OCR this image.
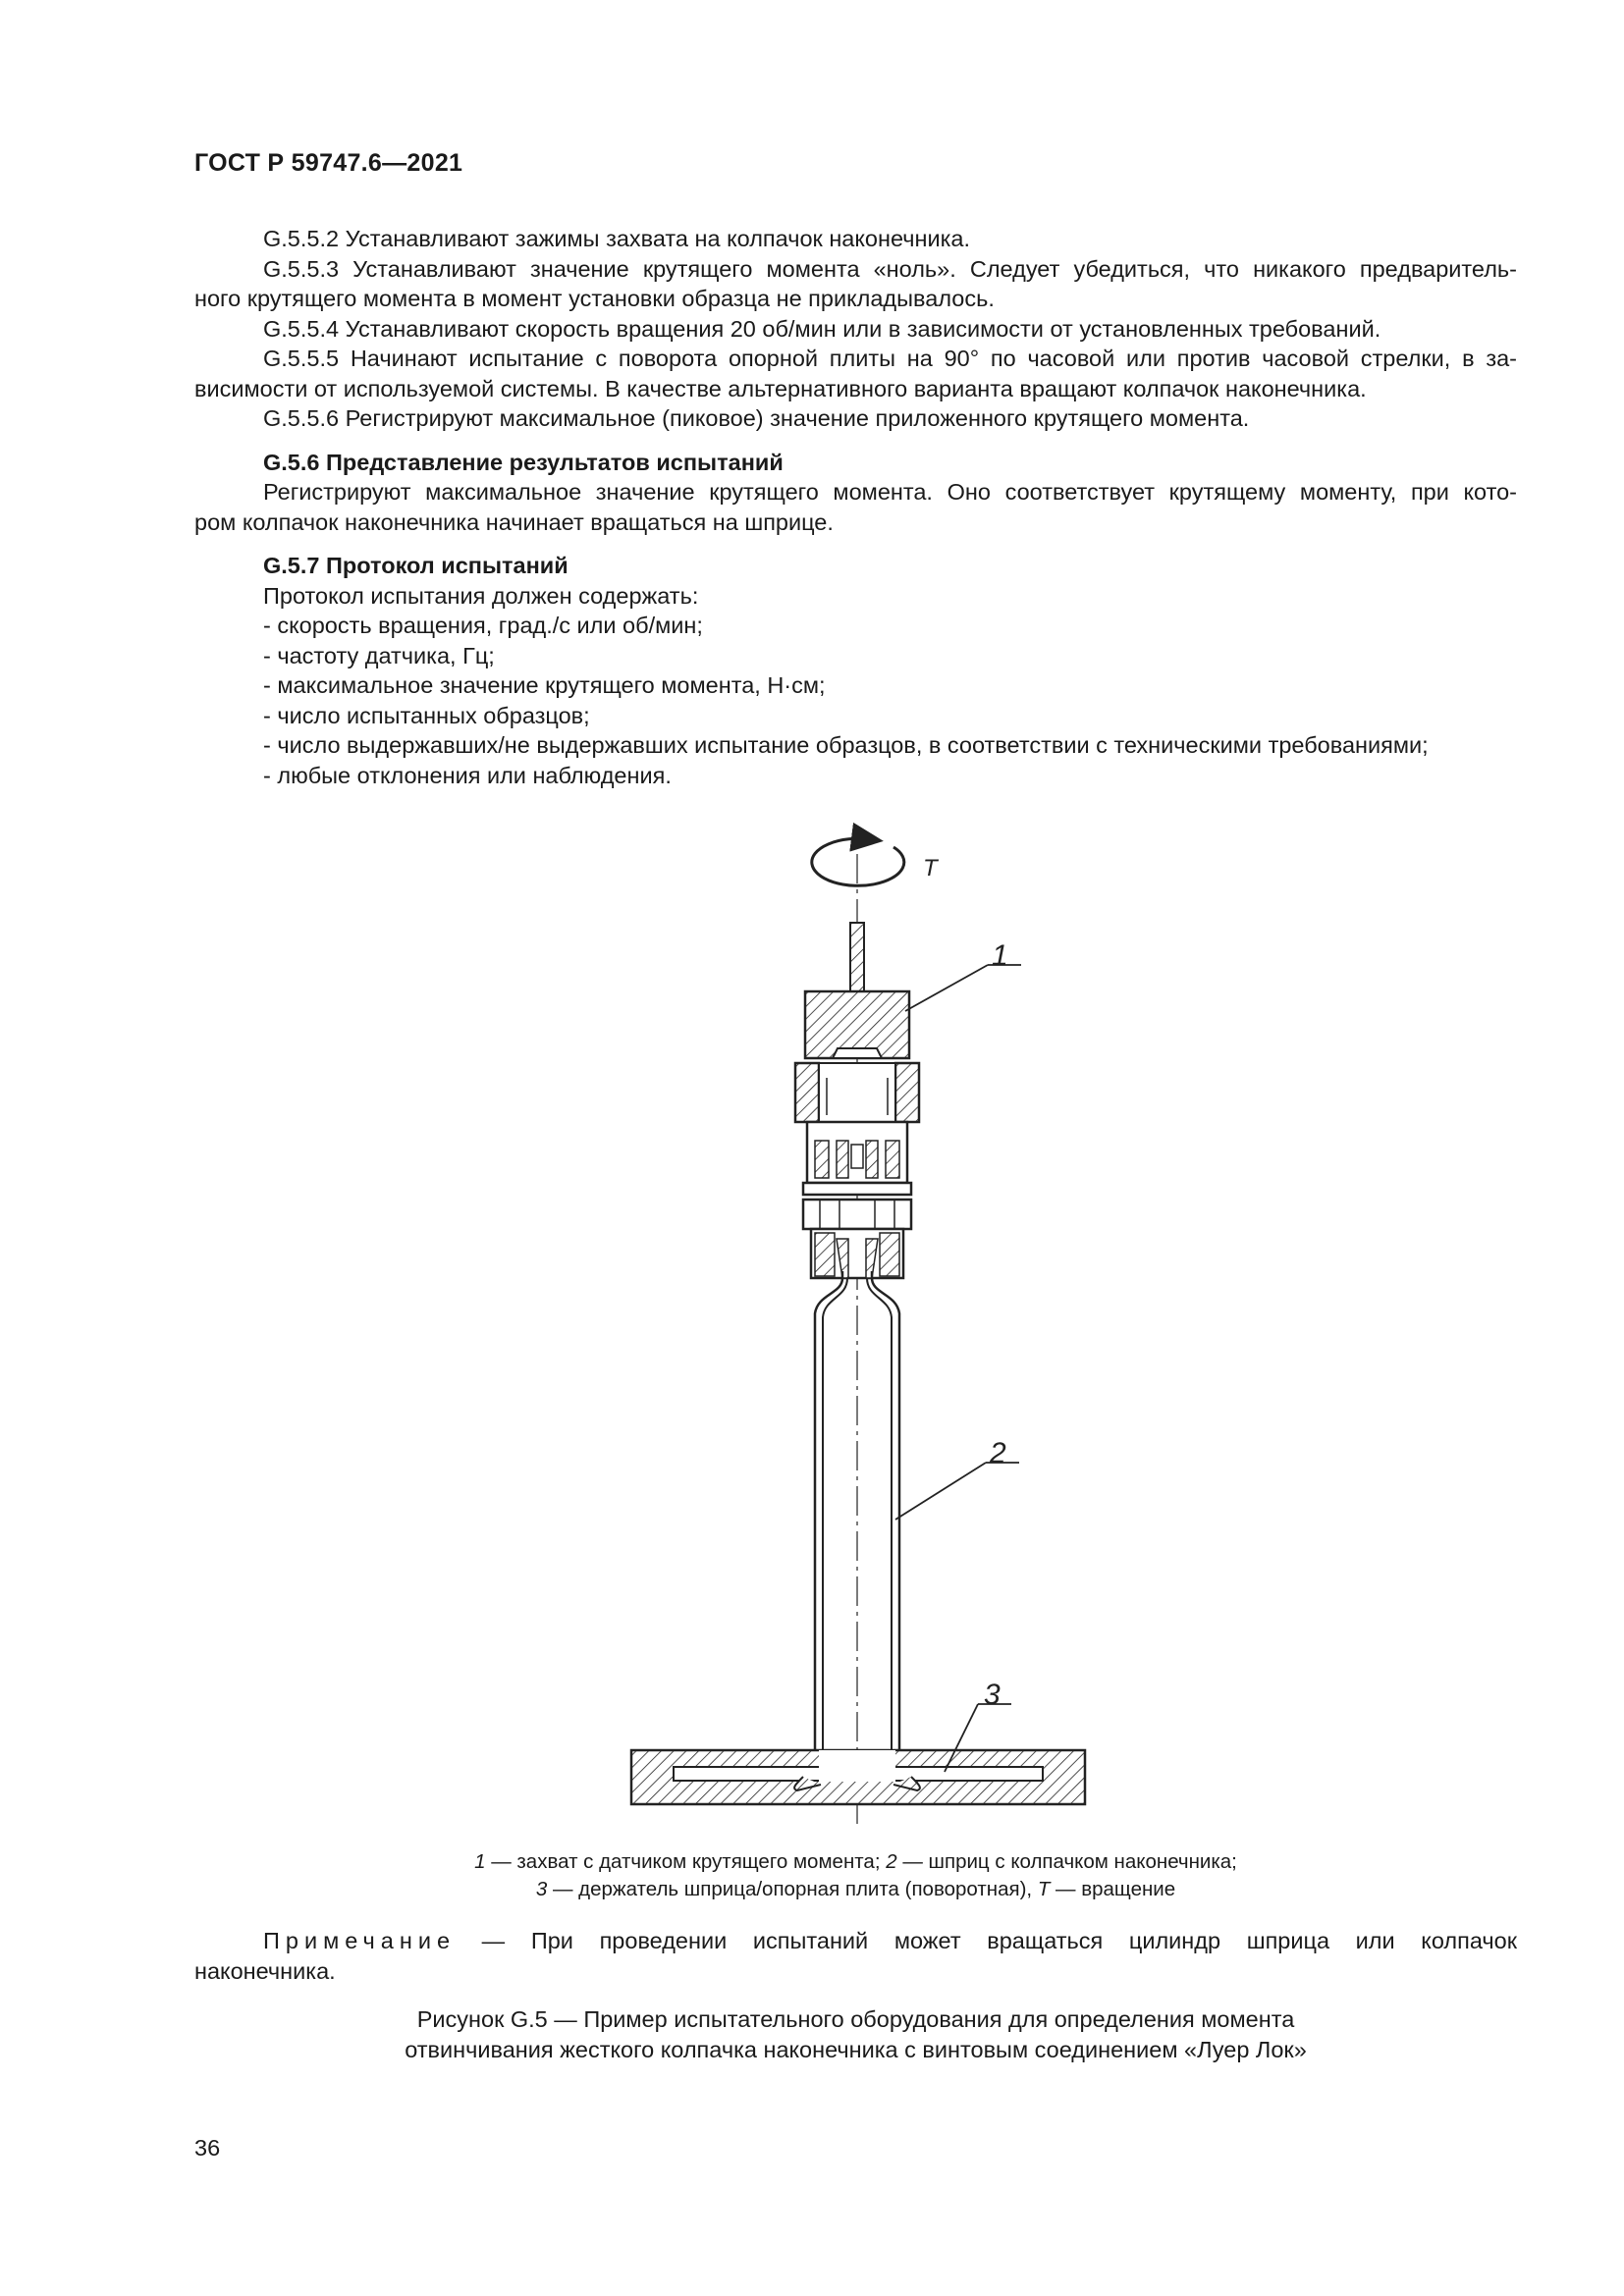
ГОСТ Р 59747.6—2021

G.5.5.2 Устанавливают зажимы захвата на колпачок наконечника.

G.5.5.3 Устанавливают значение крутящего момента «ноль». Следует убедиться, что никакого предваритель-

ного крутящего момента в момент установки образца не прикладывалось.

G.5.5.4 Устанавливают скорость вращения 20 об/мин или в зависимости от установленных требований.

G.5.5.5 Начинают испытание с поворота опорной плиты на 90° по часовой или против часовой стрелки, в за-

висимости от используемой системы. В качестве альтернативного варианта вращают колпачок наконечника.

G.5.5.6 Регистрируют максимальное (пиковое) значение приложенного крутящего момента.

G.5.6 Представление результатов испытаний

Регистрируют максимальное значение крутящего момента. Оно соответствует крутящему моменту, при кото-

ром колпачок наконечника начинает вращаться на шприце.

G.5.7 Протокол испытаний

Протокол испытания должен содержать:

- скорость вращения, град./с или об/мин;

- частоту датчика, Гц;

- максимальное значение крутящего момента, Н·см;

- число испытанных образцов;

- число выдержавших/не выдержавших испытание образцов, в соответствии с техническими требованиями;

- любые отклонения или наблюдения.

T
1
2
3
1 — захват с датчиком крутящего момента; 2 — шприц с колпачком наконечника;
3 — держатель шприца/опорная плита (поворотная), T — вращение
Примечание — При проведении испытаний может вращаться цилиндр шприца или колпачок
наконечника.
Рисунок G.5 — Пример испытательного оборудования для определения момента
отвинчивания жесткого колпачка наконечника с винтовым соединением «Луер Лок»
36
